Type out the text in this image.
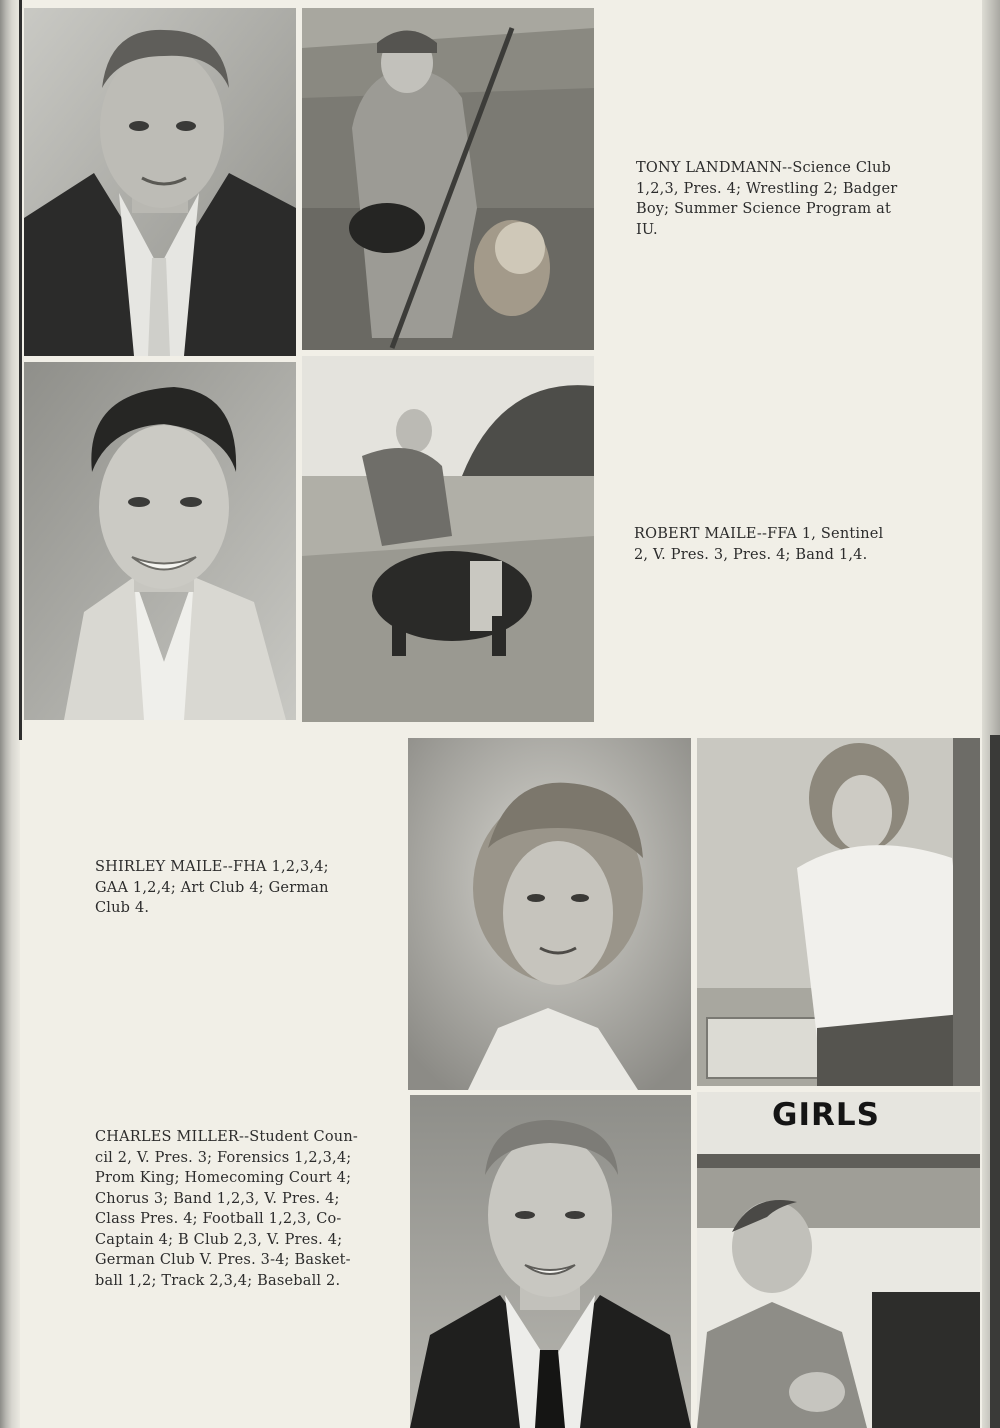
GIRLS
TONY LANDMANN--Science Club
1,2,3, Pres. 4; Wrestling 2; Badger
Boy; Summer Science Program at
IU.
ROBERT MAILE--FFA 1, Sentinel
2, V. Pres. 3, Pres. 4; Band 1,4.
SHIRLEY MAILE--FHA 1,2,3,4;
GAA 1,2,4; Art Club 4; German
Club 4.
CHARLES MILLER--Student Coun-
cil 2, V. Pres. 3; Forensics 1,2,3,4;
Prom King; Homecoming Court 4;
Chorus 3; Band 1,2,3, V. Pres. 4;
Class Pres. 4; Football 1,2,3, Co-
Captain 4; B Club 2,3, V. Pres. 4;
German Club V. Pres. 3-4; Basket-
ball 1,2; Track 2,3,4; Baseball 2.
